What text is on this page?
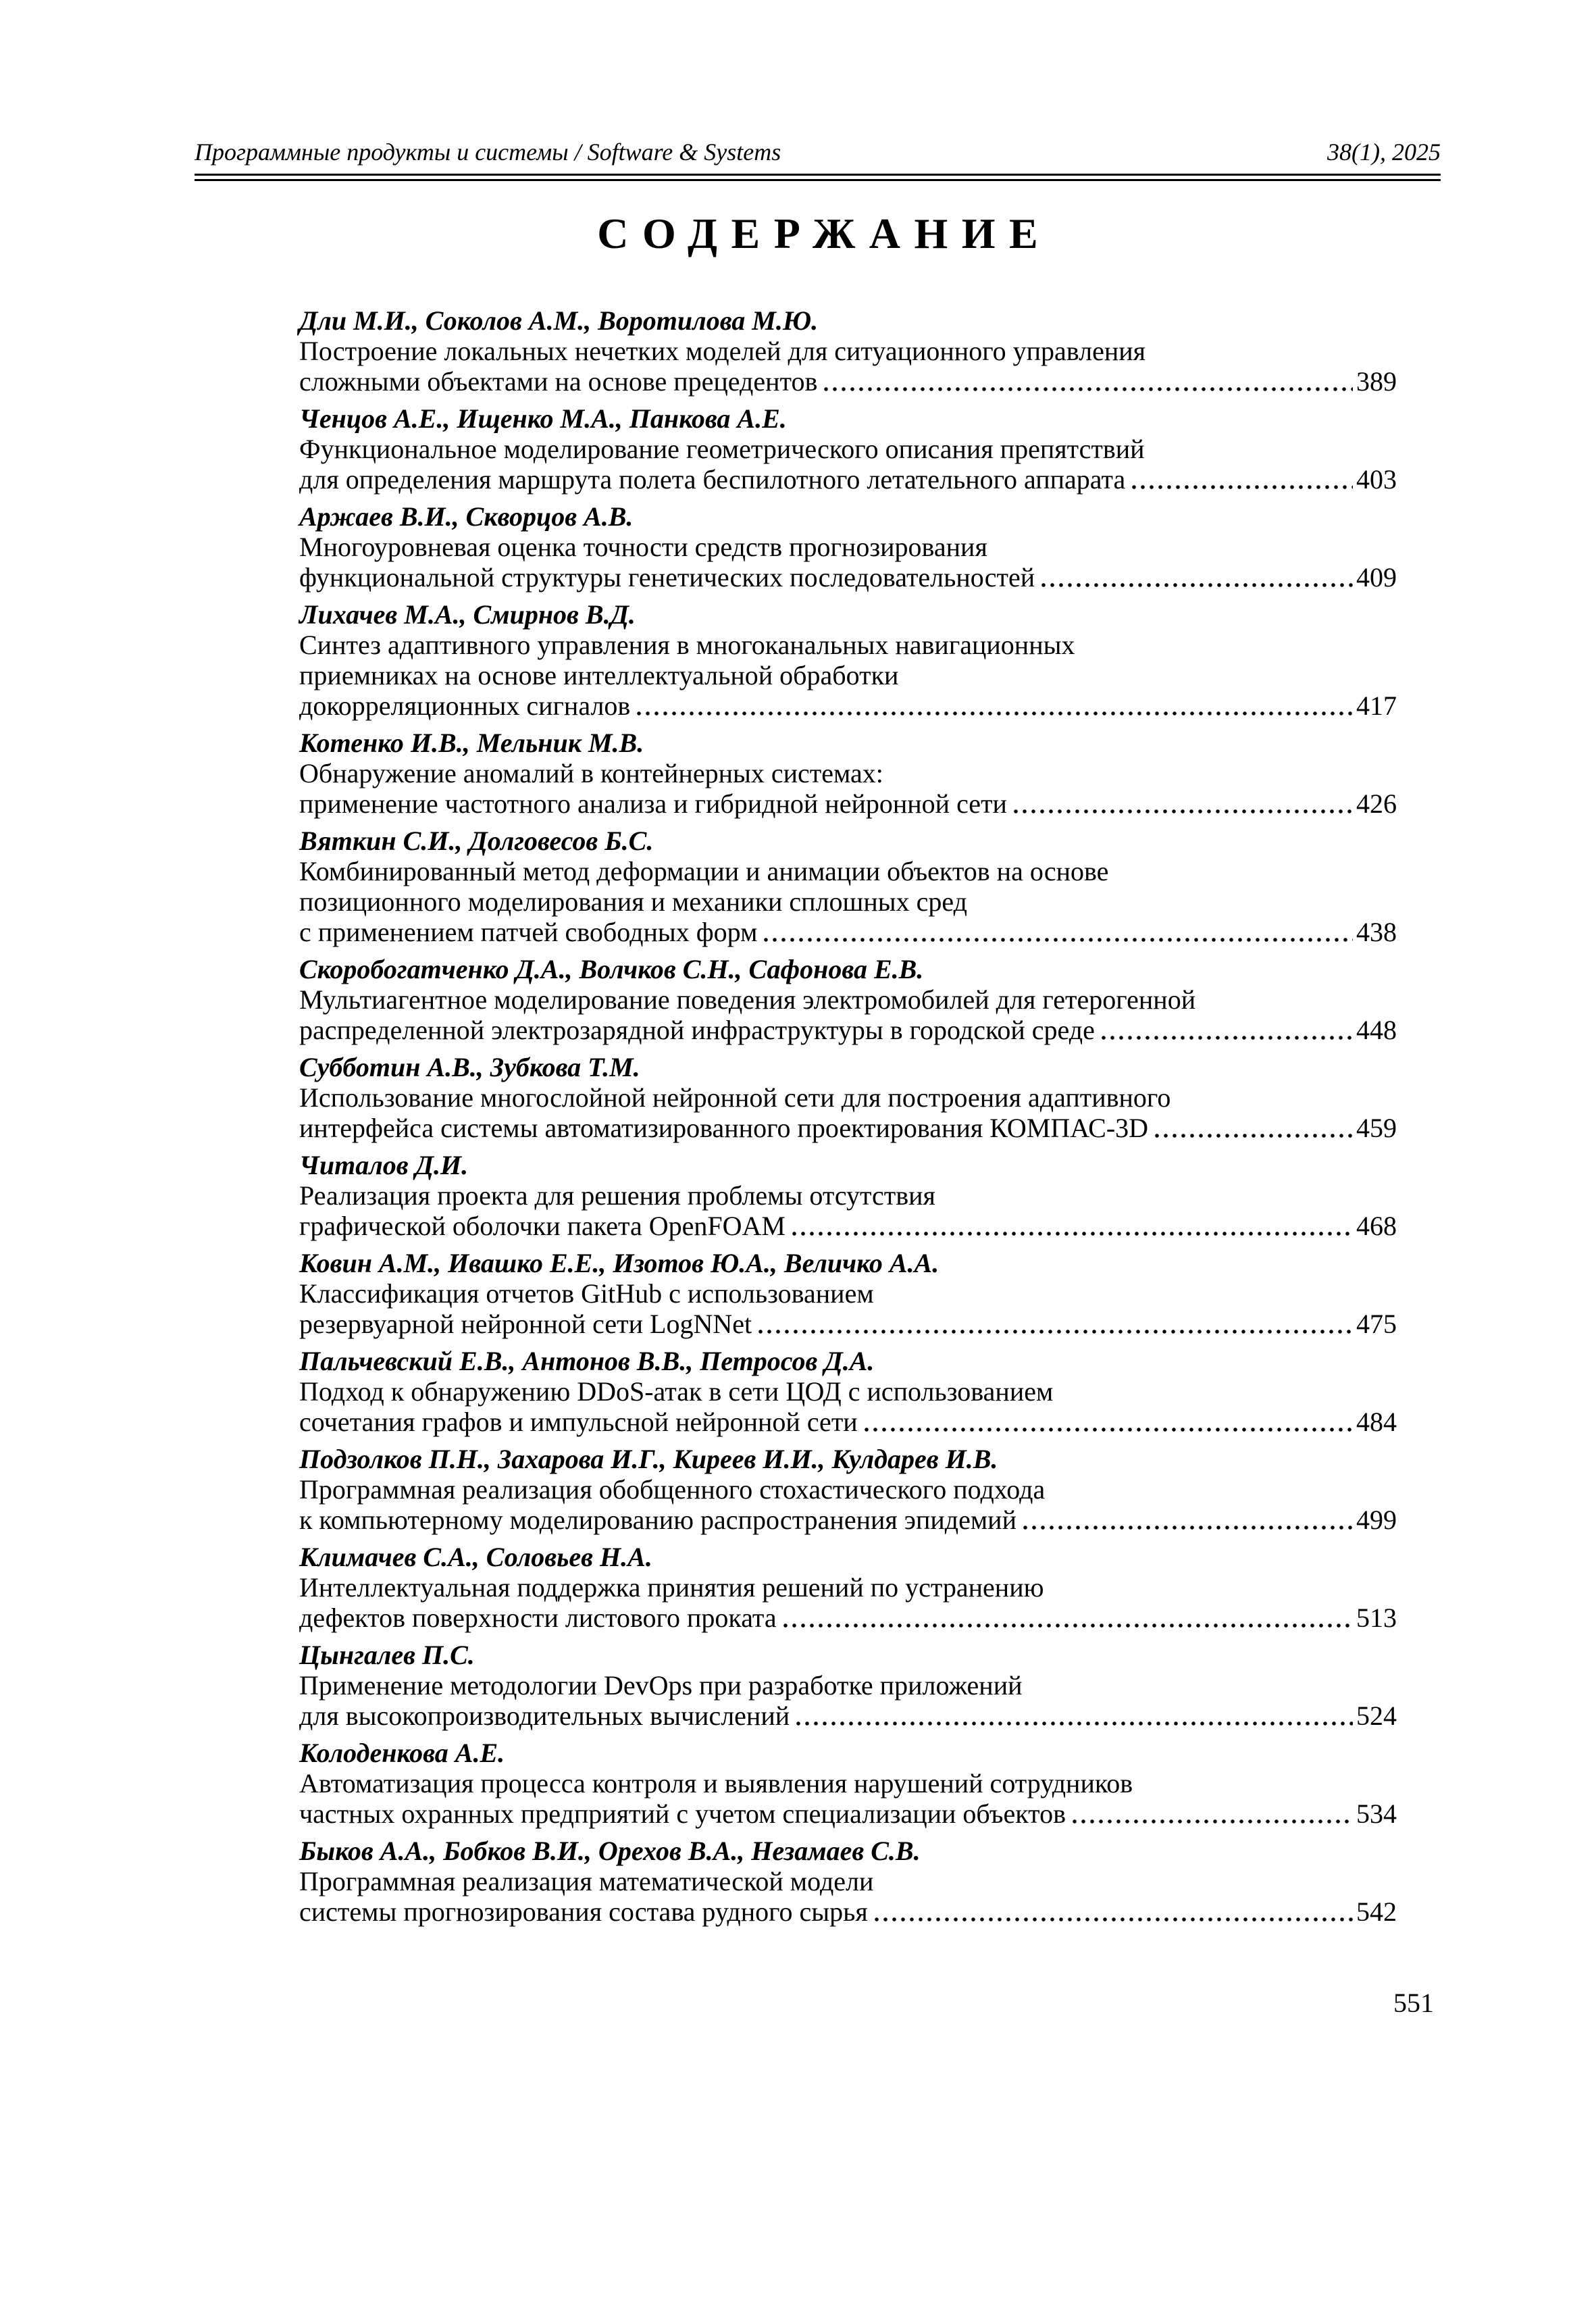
Программные продукты и системы / Software & Systems	38(1), 2025
СОДЕРЖАНИЕ
Дли М.И., Соколов А.М., Воротилова М.Ю.
Построение локальных нечетких моделей для ситуационного управления
сложными объектами на основе прецедентов	389
Ченцов А.Е., Ищенко М.А., Панкова А.Е.
Функциональное моделирование геометрического описания препятствий
для определения маршрута полета беспилотного летательного аппарата	403
Аржаев В.И., Скворцов А.В.
Многоуровневая оценка точности средств прогнозирования
функциональной структуры генетических последовательностей	409
Лихачев М.А., Смирнов В.Д.
Синтез адаптивного управления в многоканальных навигационных
приемниках на основе интеллектуальной обработки
докорреляционных сигналов	417
Котенко И.В., Мельник М.В.
Обнаружение аномалий в контейнерных системах:
применение частотного анализа и гибридной нейронной сети	426
Вяткин С.И., Долговесов Б.С.
Комбинированный метод деформации и анимации объектов на основе
позиционного моделирования и механики сплошных сред
с применением патчей свободных форм	438
Скоробогатченко Д.А., Волчков С.Н., Сафонова Е.В.
Мультиагентное моделирование поведения электромобилей для гетерогенной
распределенной электрозарядной инфраструктуры в городской среде	448
Субботин А.В., Зубкова Т.М.
Использование многослойной нейронной сети для построения адаптивного
интерфейса системы автоматизированного проектирования КОМПАС-3D	459
Читалов Д.И.
Реализация проекта для решения проблемы отсутствия
графической оболочки пакета OpenFOAM	468
Ковин А.М., Ивашко Е.Е., Изотов Ю.А., Величко А.А.
Классификация отчетов GitHub с использованием
резервуарной нейронной сети LogNNet	475
Пальчевский Е.В., Антонов В.В., Петросов Д.А.
Подход к обнаружению DDoS-атак в сети ЦОД с использованием
сочетания графов и импульсной нейронной сети	484
Подзолков П.Н., Захарова И.Г., Киреев И.И., Кулдарев И.В.
Программная реализация обобщенного стохастического подхода
к компьютерному моделированию распространения эпидемий	499
Климачев С.А., Соловьев Н.А.
Интеллектуальная поддержка принятия решений по устранению
дефектов поверхности листового проката	513
Цынгалев П.С.
Применение методологии DevOps при разработке приложений
для высокопроизводительных вычислений	524
Колоденкова А.Е.
Автоматизация процесса контроля и выявления нарушений сотрудников
частных охранных предприятий с учетом специализации объектов	534
Быков А.А., Бобков В.И., Орехов В.А., Незамаев С.В.
Программная реализация математической модели
системы прогнозирования состава рудного сырья	542
551
